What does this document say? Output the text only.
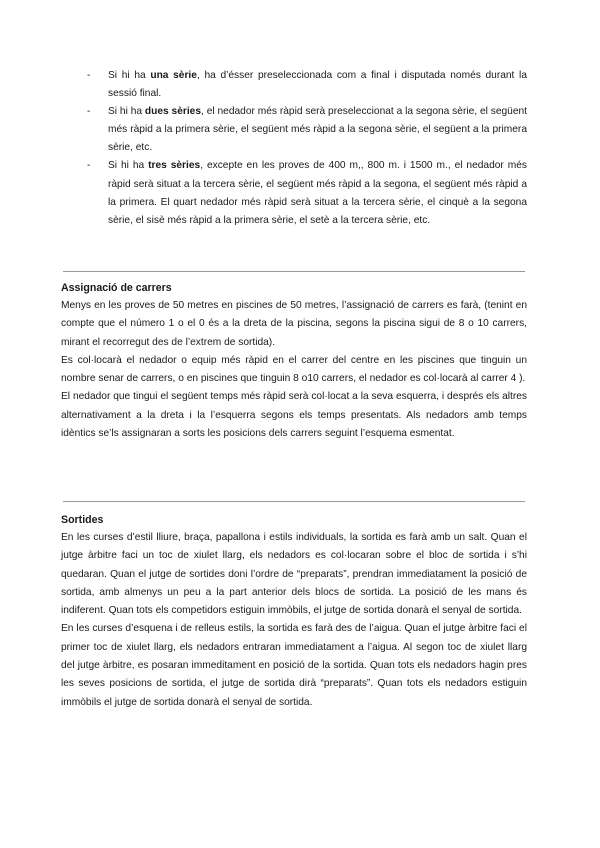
- Si hi ha una sèrie, ha d’ésser preseleccionada com a final i disputada només durant la sessió final.
- Si hi ha dues sèries, el nedador més ràpid serà preseleccionat a la segona sèrie, el següent més ràpid a la primera sèrie, el següent més ràpid a la segona sèrie, el següent a la primera sèrie, etc.
- Si hi ha tres sèries, excepte en les proves de 400 m,, 800 m. i 1500 m., el nedador més ràpid serà situat a la tercera sèrie, el següent més ràpid a la segona, el següent més ràpid a la primera. El quart nedador més ràpid serà situat a la tercera sèrie, el cinquè a la segona sèrie, el sisè més ràpid a la primera sèrie, el setè a la tercera sèrie, etc.

Assignació de carrers

Menys en les proves de 50 metres en piscines de 50 metres, l’assignació de carrers es farà, (tenint en compte que el número 1 o el 0 és a la dreta de la piscina, segons la piscina sigui de 8 o 10 carrers, mirant el recorregut des de l’extrem de sortida).

Es col·locarà el nedador o equip més ràpid en el carrer del centre en les piscines que tinguin un nombre senar de carrers, o en piscines que tinguin 8 o10 carrers, el nedador es col·locarà al carrer 4 ).

El nedador que tingui el següent temps més ràpid serà col·locat a la seva esquerra, i després els altres alternativament a la dreta i la l’esquerra segons els temps presentats. Als nedadors amb temps idèntics se’ls assignaran a sorts les posicions dels carrers seguint l’esquema esmentat.

Sortides

En les curses d’estil lliure, braça, papallona i estils individuals, la sortida es farà amb un salt. Quan el jutge àrbitre faci un toc de xiulet llarg, els nedadors es col·locaran sobre el bloc de sortida i s’hi quedaran. Quan el jutge de sortides doni l’ordre de “preparats”, prendran immediatament la posició de sortida, amb almenys un peu a la part anterior dels blocs de sortida. La posició de les mans és indiferent. Quan tots els competidors estiguin immòbils, el jutge de sortida donarà el senyal de sortida.

En les curses d’esquena i de relleus estils, la sortida es farà des de l’aigua. Quan el jutge àrbitre faci el primer toc de xiulet llarg, els nedadors entraran immediatament a l’aigua. Al segon toc de xiulet llarg del jutge àrbitre, es posaran immeditament en posició de la sortida. Quan tots els nedadors hagin pres les seves posicions de sortida, el jutge de sortida dirà “preparats”. Quan tots els nedadors estiguin immòbils el jutge de sortida donarà el senyal de sortida.
